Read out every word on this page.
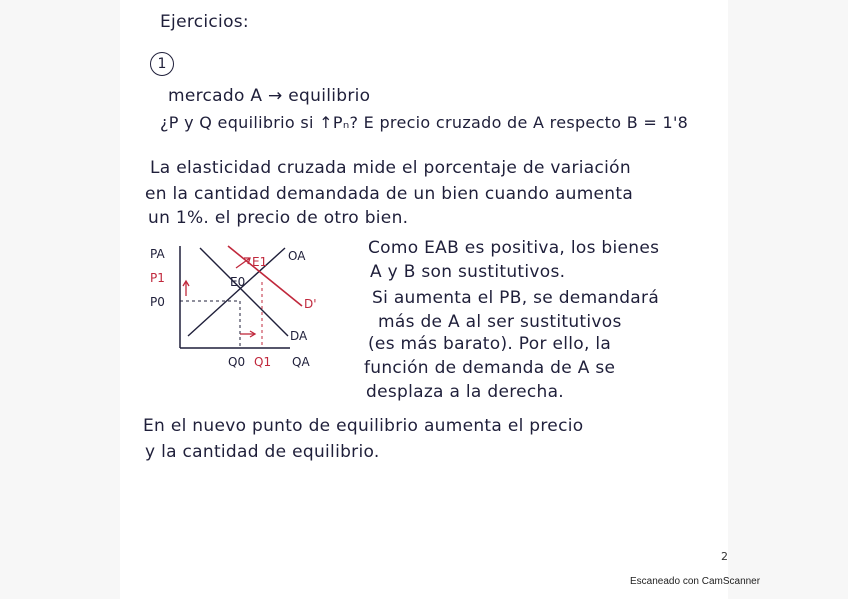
Ejercicios:
1
mercado A → equilibrio
¿P y Q equilibrio si ↑Pₙ? E precio cruzado de A respecto B = 1'8
La elasticidad cruzada mide el porcentaje de variación
en la cantidad demandada de un bien cuando aumenta
un 1%. el precio de otro bien.
PA
P1
P0
Q0 Q1 QA
OA
DA
D'
E0
E1
Como EAB es positiva, los bienes
A y B son sustitutivos.
Si aumenta el PB, se demandará
más de A al ser sustitutivos
(es más barato). Por ello, la
función de demanda de A se
desplaza a la derecha.
En el nuevo punto de equilibrio aumenta el precio
y la cantidad de equilibrio.
2
Escaneado con CamScanner
